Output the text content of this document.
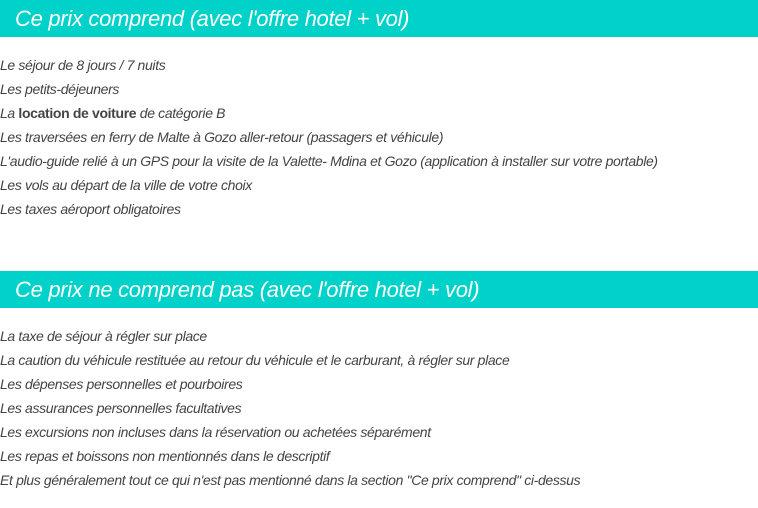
Ce prix comprend (avec l'offre hotel + vol)
Le séjour de 8 jours / 7 nuits
Les petits-déjeuners
La location de voiture de catégorie B
Les traversées en ferry de Malte à Gozo aller-retour (passagers et véhicule)
L'audio-guide relié à un GPS pour la visite de la Valette- Mdina et Gozo (application à installer sur votre portable)
Les vols au départ de la ville de votre choix
Les taxes aéroport obligatoires
Ce prix ne comprend pas (avec l'offre hotel + vol)
La taxe de séjour à régler sur place
La caution du véhicule restituée au retour du véhicule et le carburant, à régler sur place
Les dépenses personnelles et pourboires
Les assurances personnelles facultatives
Les excursions non incluses dans la réservation ou achetées séparément
Les repas et boissons non mentionnés dans le descriptif
Et plus généralement tout ce qui n'est pas mentionné dans la section "Ce prix comprend" ci-dessus
